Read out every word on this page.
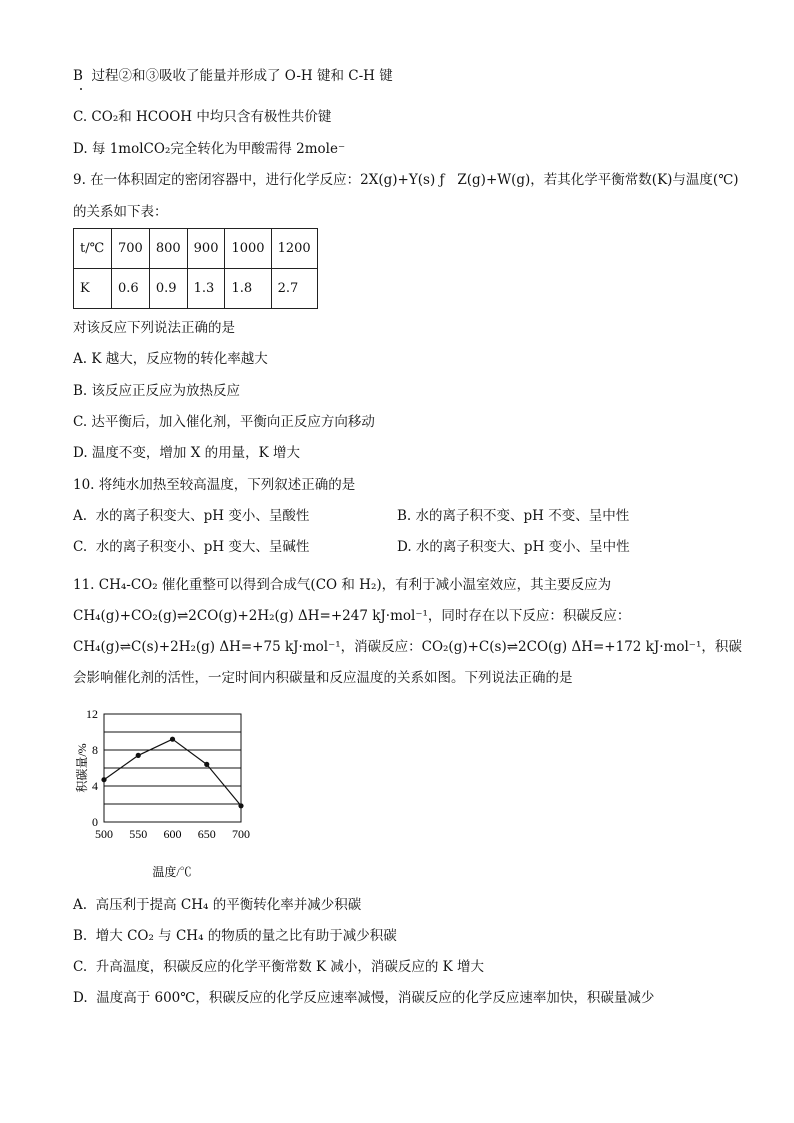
B  过程②和③吸收了能量并形成了 O-H 键和 C-H 键
C. CO₂和 HCOOH 中均只含有极性共价键
D. 每 1molCO₂完全转化为甲酸需得 2mole⁻
9. 在一体积固定的密闭容器中，进行化学反应：2X(g)+Y(s) ƒ   Z(g)+W(g)，若其化学平衡常数(K)与温度(℃)
的关系如下表：
t/℃	700	800	900	1000	1200
K	0.6	0.9	1.3	1.8	2.7
对该反应下列说法正确的是
A. K 越大，反应物的转化率越大
B. 该反应正反应为放热反应
C. 达平衡后，加入催化剂，平衡向正反应方向移动
D. 温度不变，增加 X 的用量，K 增大
10. 将纯水加热至较高温度，下列叙述正确的是
A.  水的离子积变大、pH 变小、呈酸性	B. 水的离子积不变、pH 不变、呈中性
C.  水的离子积变小、pH 变大、呈碱性	D. 水的离子积变大、pH 变小、呈中性
11. CH₄-CO₂ 催化重整可以得到合成气(CO 和 H₂)，有利于减小温室效应，其主要反应为
CH₄(g)+CO₂(g)⇌2CO(g)+2H₂(g) ΔH=+247 kJ·mol⁻¹，同时存在以下反应：积碳反应：
CH₄(g)⇌C(s)+2H₂(g) ΔH=+75 kJ·mol⁻¹，消碳反应：CO₂(g)+C(s)⇌2CO(g) ΔH=+172 kJ·mol⁻¹，积碳
会影响催化剂的活性，一定时间内积碳量和反应温度的关系如图。下列说法正确的是
0
4
8
12
500 550 600 650 700
温度/℃
积碳量/%
A.  高压利于提高 CH₄ 的平衡转化率并减少积碳
B.  增大 CO₂ 与 CH₄ 的物质的量之比有助于减少积碳
C.  升高温度，积碳反应的化学平衡常数 K 减小，消碳反应的 K 增大
D.  温度高于 600℃，积碳反应的化学反应速率减慢，消碳反应的化学反应速率加快，积碳量减少
